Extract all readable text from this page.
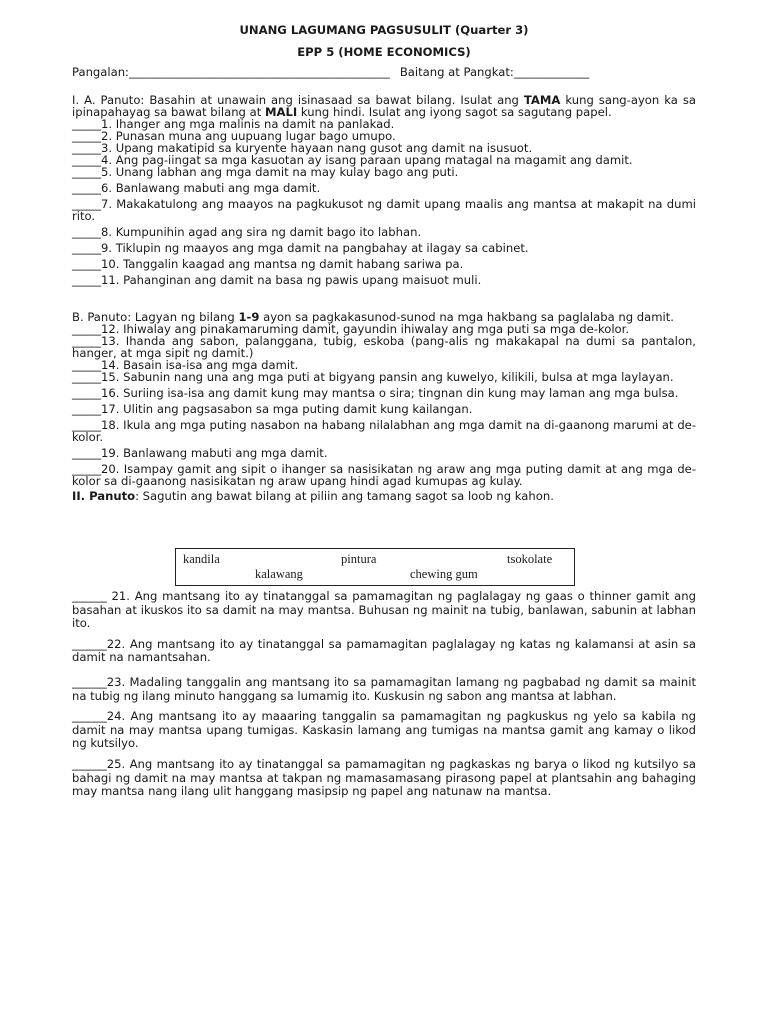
UNANG LAGUMANG PAGSUSULIT (Quarter 3)
EPP 5 (HOME ECONOMICS)
Pangalan:_____________________________________________ Baitang at Pangkat:_____________
I. A. Panuto: Basahin at unawain ang isinasaad sa bawat bilang. Isulat ang TAMA kung sang-ayon ka sa ipinapahayag sa bawat bilang at MALI kung hindi. Isulat ang iyong sagot sa sagutang papel.
_____1. Ihanger ang mga malinis na damit na panlakad.
_____2. Punasan muna ang uupuang lugar bago umupo.
_____3. Upang makatipid sa kuryente hayaan nang gusot ang damit na isusuot.
_____4. Ang pag-iingat sa mga kasuotan ay isang paraan upang matagal na magamit ang damit.
_____5. Unang labhan ang mga damit na may kulay bago ang puti.
_____6. Banlawang mabuti ang mga damit.
_____7. Makakatulong ang maayos na pagkukusot ng damit upang maalis ang mantsa at makapit na dumi rito.
_____8. Kumpunihin agad ang sira ng damit bago ito labhan.
_____9. Tiklupin ng maayos ang mga damit na pangbahay at ilagay sa cabinet.
_____10. Tanggalin kaagad ang mantsa ng damit habang sariwa pa.
_____11. Pahanginan ang damit na basa ng pawis upang maisuot muli.
B. Panuto: Lagyan ng bilang 1-9 ayon sa pagkakasunod-sunod na mga hakbang sa paglalaba ng damit.
_____12. Ihiwalay ang pinakamaruming damit, gayundin ihiwalay ang mga puti sa mga de-kolor.
_____13. Ihanda ang sabon, palanggana, tubig, eskoba (pang-alis ng makakapal na dumi sa pantalon, hanger, at mga sipit ng damit.)
_____14. Basain isa-isa ang mga damit.
_____15. Sabunin nang una ang mga puti at bigyang pansin ang kuwelyo, kilikili, bulsa at mga laylayan.
_____16. Suriing isa-isa ang damit kung may mantsa o sira; tingnan din kung may laman ang mga bulsa.
_____17. Ulitin ang pagsasabon sa mga puting damit kung kailangan.
_____18. Ikula ang mga puting nasabon na habang nilalabhan ang mga damit na di-gaanong marumi at de-kolor.
_____19. Banlawang mabuti ang mga damit.
_____20. Isampay gamit ang sipit o ihanger sa nasisikatan ng araw ang mga puting damit at ang mga de-kolor sa di-gaanong nasisikatan ng araw upang hindi agad kumupas ag kulay.
II. Panuto: Sagutin ang bawat bilang at piliin ang tamang sagot sa loob ng kahon.
kandila	pintura	tsokolate
kalawang	chewing gum
______ 21. Ang mantsang ito ay tinatanggal sa pamamagitan ng paglalagay ng gaas o thinner gamit ang basahan at ikuskos ito sa damit na may mantsa. Buhusan ng mainit na tubig, banlawan, sabunin at labhan ito.
______22. Ang mantsang ito ay tinatanggal sa pamamagitan paglalagay ng katas ng kalamansi at asin sa damit na namantsahan.
______23. Madaling tanggalin ang mantsang ito sa pamamagitan lamang ng pagbabad ng damit sa mainit na tubig ng ilang minuto hanggang sa lumamig ito. Kuskusin ng sabon ang mantsa at labhan.
______24. Ang mantsang ito ay maaaring tanggalin sa pamamagitan ng pagkuskus ng yelo sa kabila ng damit na may mantsa upang tumigas. Kaskasin lamang ang tumigas na mantsa gamit ang kamay o likod ng kutsilyo.
______25. Ang mantsang ito ay tinatanggal sa pamamagitan ng pagkaskas ng barya o likod ng kutsilyo sa bahagi ng damit na may mantsa at takpan ng mamasamasang pirasong papel at plantsahin ang bahaging may mantsa nang ilang ulit hanggang masipsip ng papel ang natunaw na mantsa.
